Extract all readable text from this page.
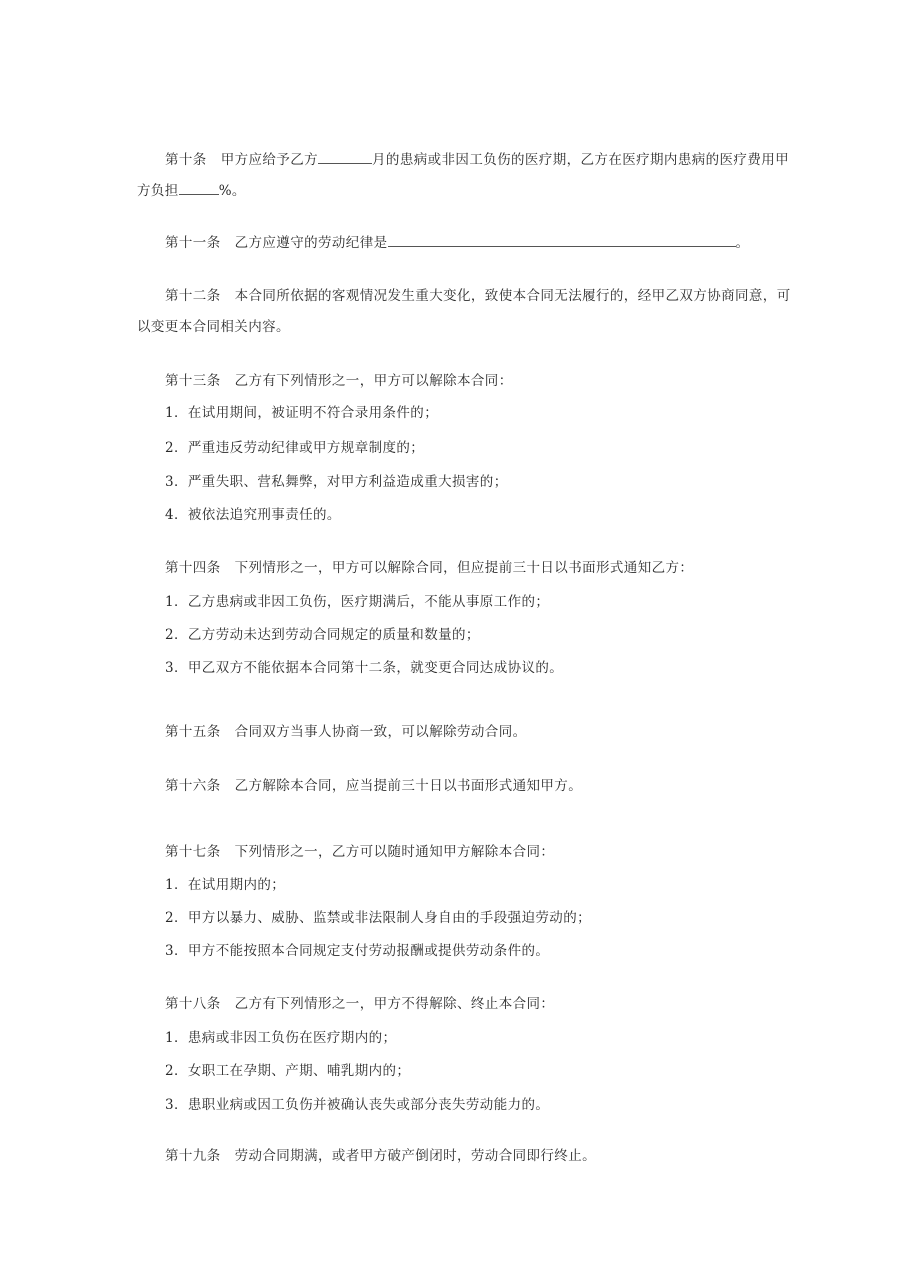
第十条 甲方应给予乙方	月的患病或非因工负伤的医疗期，乙方在医疗期内患病的医疗费用甲
方负担	%。
第十一条 乙方应遵守的劳动纪律是	。
第十二条 本合同所依据的客观情况发生重大变化，致使本合同无法履行的，经甲乙双方协商同意，可
以变更本合同相关内容。
第十三条 乙方有下列情形之一，甲方可以解除本合同：
1．在试用期间，被证明不符合录用条件的；
2．严重违反劳动纪律或甲方规章制度的；
3．严重失职、营私舞弊，对甲方利益造成重大损害的；
4．被依法追究刑事责任的。
第十四条 下列情形之一，甲方可以解除合同，但应提前三十日以书面形式通知乙方：
1．乙方患病或非因工负伤，医疗期满后，不能从事原工作的；
2．乙方劳动未达到劳动合同规定的质量和数量的；
3．甲乙双方不能依据本合同第十二条，就变更合同达成协议的。
第十五条 合同双方当事人协商一致，可以解除劳动合同。
第十六条 乙方解除本合同，应当提前三十日以书面形式通知甲方。
第十七条 下列情形之一，乙方可以随时通知甲方解除本合同：
1．在试用期内的；
2．甲方以暴力、威胁、监禁或非法限制人身自由的手段强迫劳动的；
3．甲方不能按照本合同规定支付劳动报酬或提供劳动条件的。
第十八条 乙方有下列情形之一，甲方不得解除、终止本合同：
1．患病或非因工负伤在医疗期内的；
2．女职工在孕期、产期、哺乳期内的；
3．患职业病或因工负伤并被确认丧失或部分丧失劳动能力的。
第十九条 劳动合同期满，或者甲方破产倒闭时，劳动合同即行终止。
